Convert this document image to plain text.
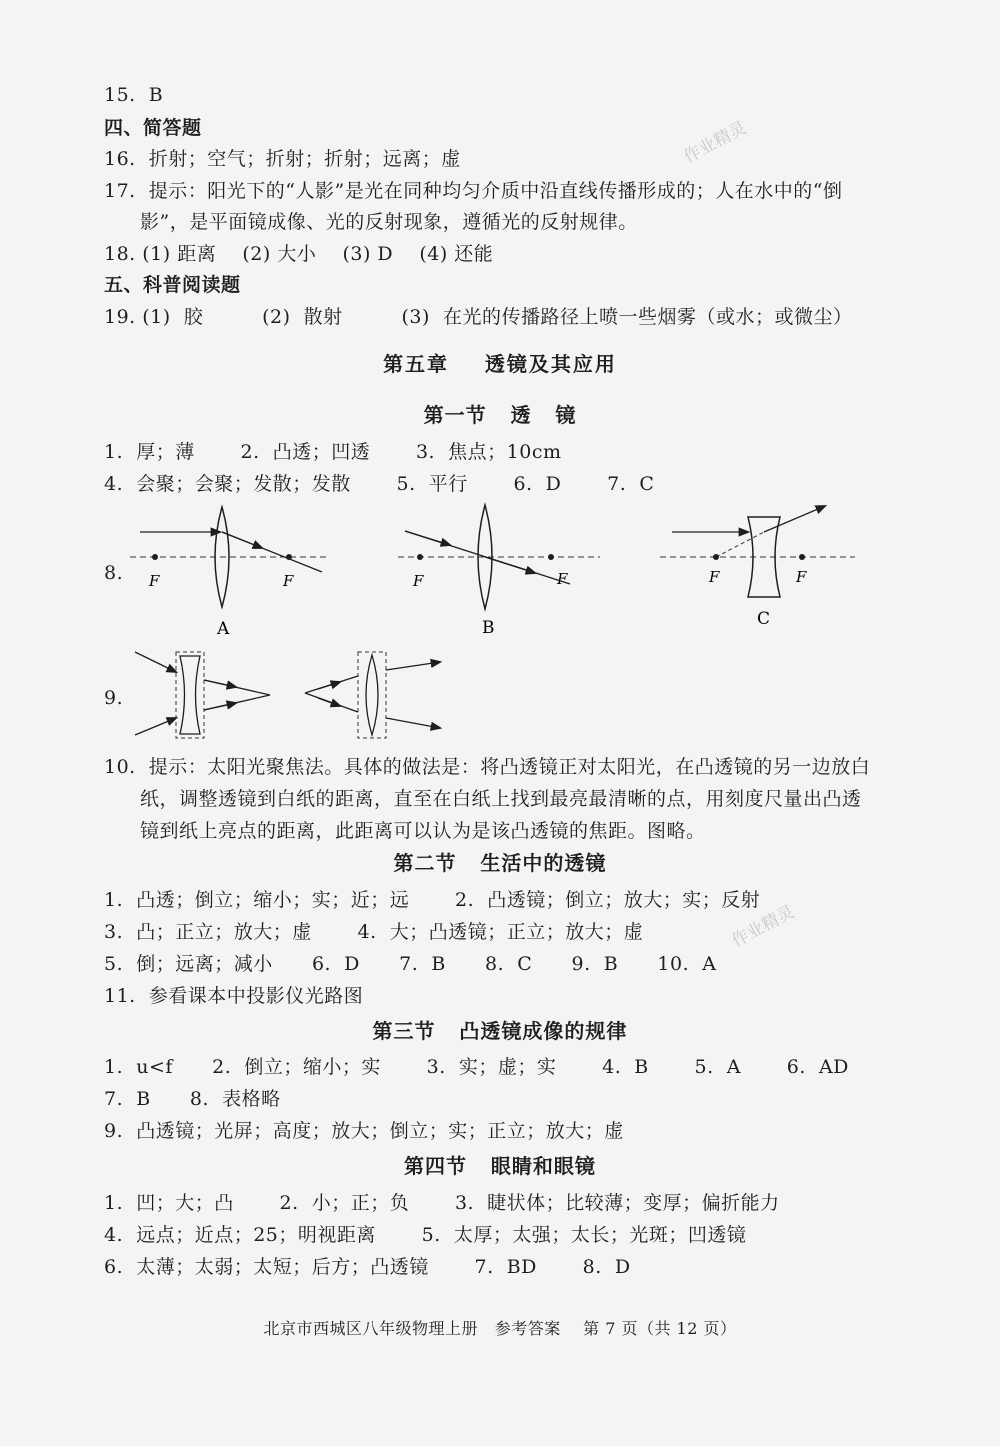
15.  B
四、简答题
16.  折射；空气；折射；折射；远离；虚
17.  提示：阳光下的“人影”是光在同种均匀介质中沿直线传播形成的；人在水中的“倒
影”，是平面镜成像、光的反射现象，遵循光的反射规律。
18. (1) 距离    (2) 大小    (3) D    (4) 还能
五、科普阅读题
19. (1)  胶         (2)  散射         (3)  在光的传播路径上喷一些烟雾（或水；或微尘）
第五章    透镜及其应用
第一节   透   镜
1.  厚；薄       2.  凸透；凹透       3.  焦点；10cm
4.  会聚；会聚；发散；发散       5.  平行       6.  D       7.  C
8.
9.
F	F
A
F	F
B
F	F
C
10.  提示：太阳光聚焦法。具体的做法是：将凸透镜正对太阳光，在凸透镜的另一边放白
纸，调整透镜到白纸的距离，直至在白纸上找到最亮最清晰的点，用刻度尺量出凸透
镜到纸上亮点的距离，此距离可以认为是该凸透镜的焦距。图略。
第二节   生活中的透镜
1.  凸透；倒立；缩小；实；近；远       2.  凸透镜；倒立；放大；实；反射
3.  凸；正立；放大；虚       4.  大；凸透镜；正立；放大；虚
5.  倒；远离；减小      6.  D      7.  B      8.  C      9.  B      10.  A
11.  参看课本中投影仪光路图
第三节   凸透镜成像的规律
1.  u<f      2.  倒立；缩小；实       3.  实；虚；实       4.  B       5.  A       6.  AD
7.  B      8.  表格略
9.  凸透镜；光屏；高度；放大；倒立；实；正立；放大；虚
第四节   眼睛和眼镜
1.  凹；大；凸       2.  小；正；负       3.  睫状体；比较薄；变厚；偏折能力
4.  远点；近点；25；明视距离       5.  太厚；太强；太长；光斑；凹透镜
6.  太薄；太弱；太短；后方；凸透镜       7.  BD       8.  D
北京市西城区八年级物理上册   参考答案    第 7 页（共 12 页）
作业精灵
作业精灵
